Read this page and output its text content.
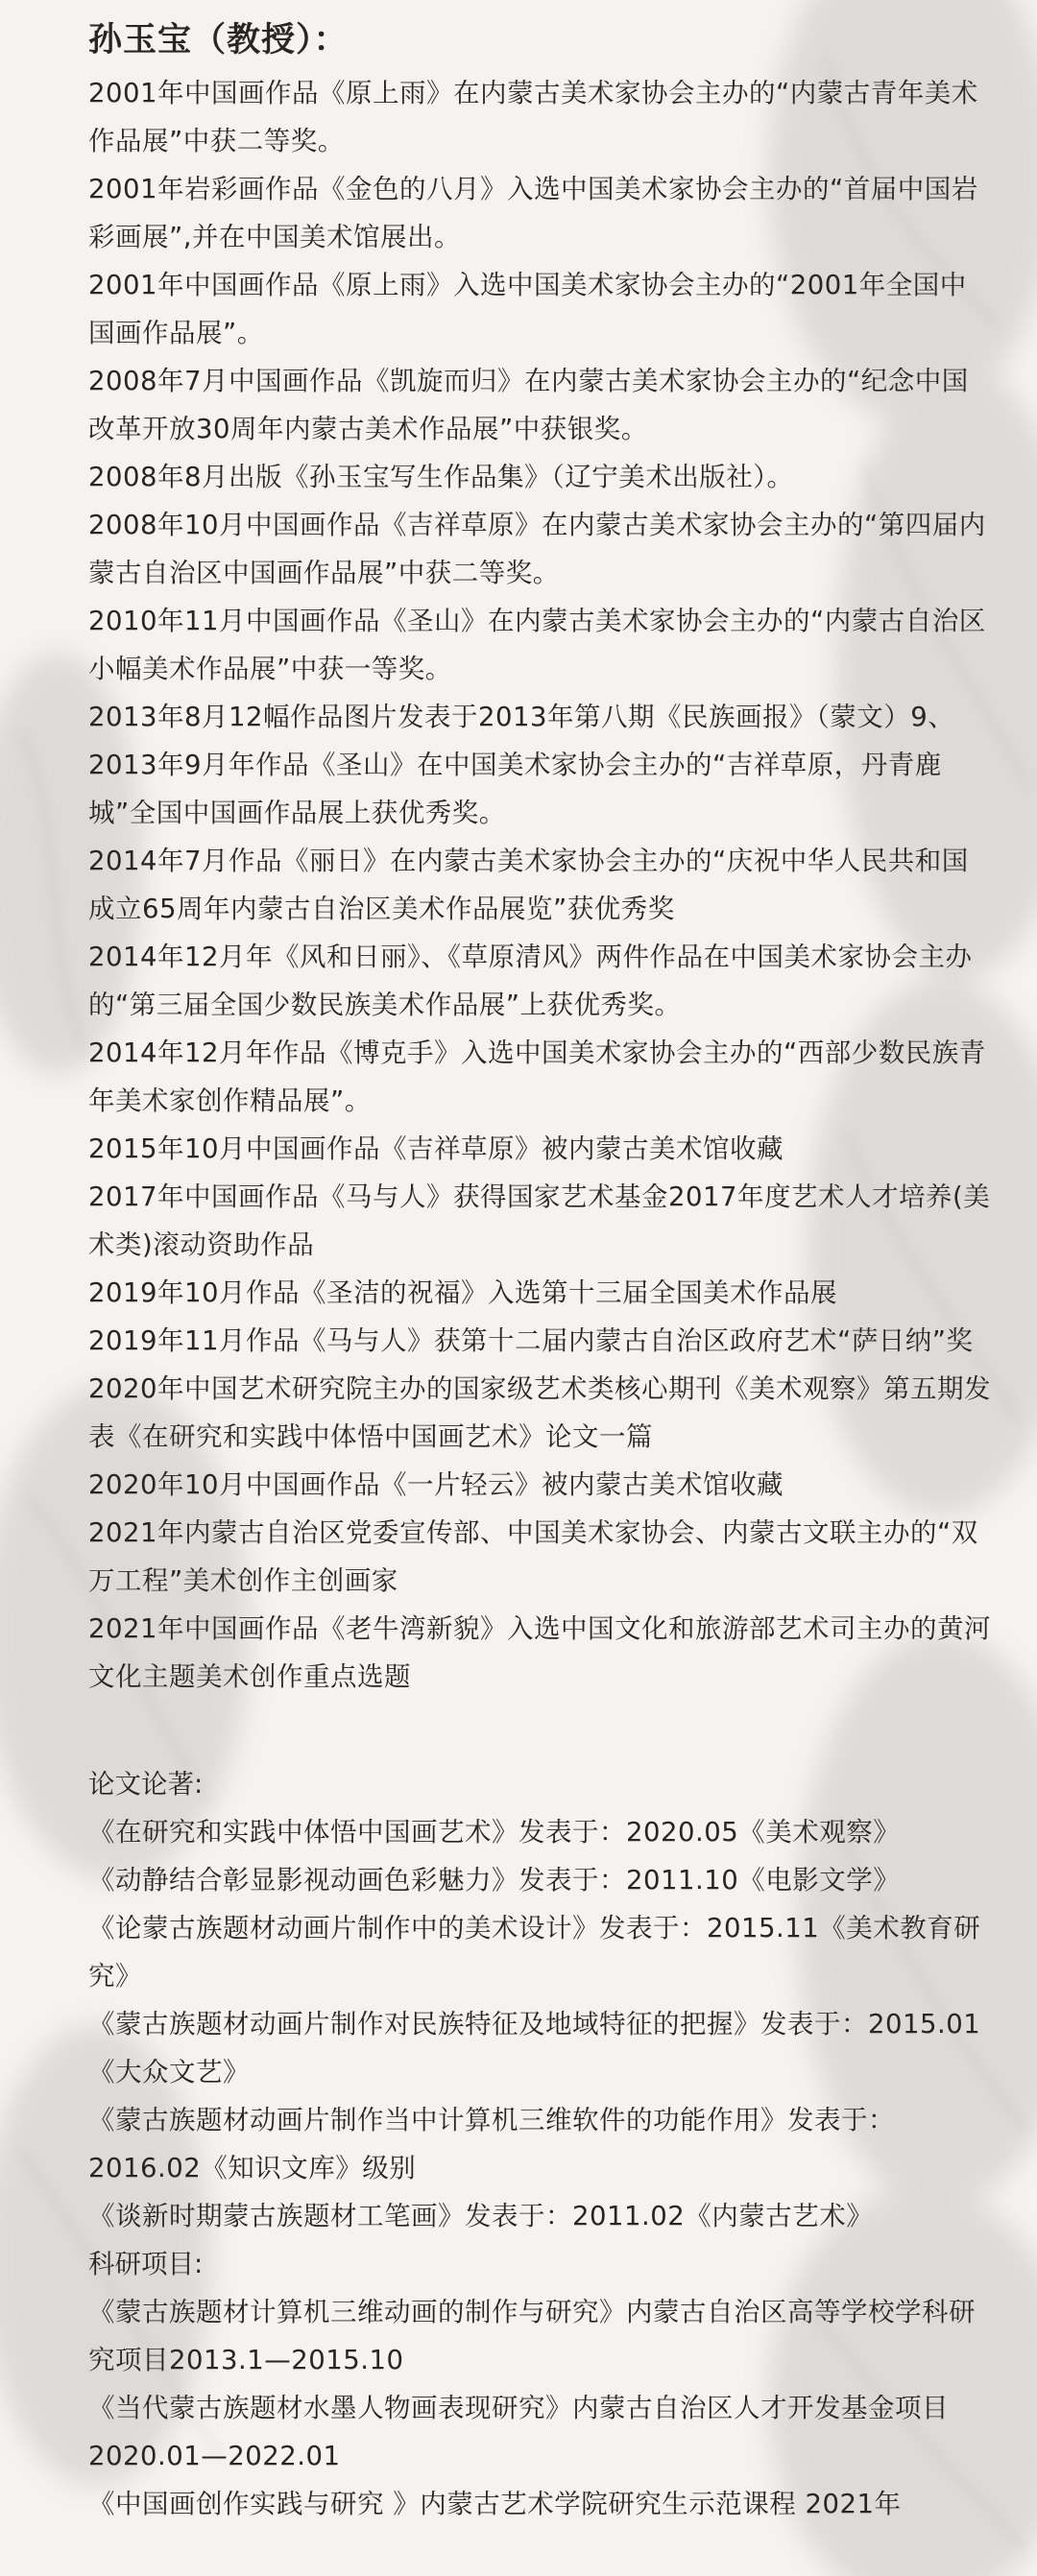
孙玉宝（教授）：

2001年中国画作品《原上雨》在内蒙古美术家协会主办的“内蒙古青年美术作品展”中获二等奖。

2001年岩彩画作品《金色的八月》入选中国美术家协会主办的“首届中国岩彩画展”,并在中国美术馆展出。

2001年中国画作品《原上雨》入选中国美术家协会主办的“2001年全国中国画作品展”。

2008年7月中国画作品《凯旋而归》在内蒙古美术家协会主办的“纪念中国改革开放30周年内蒙古美术作品展”中获银奖。

2008年8月出版《孙玉宝写生作品集》（辽宁美术出版社）。

2008年10月中国画作品《吉祥草原》在内蒙古美术家协会主办的“第四届内蒙古自治区中国画作品展”中获二等奖。

2010年11月中国画作品《圣山》在内蒙古美术家协会主办的“内蒙古自治区小幅美术作品展”中获一等奖。

2013年8月12幅作品图片发表于2013年第八期《民族画报》（蒙文）9、2013年9月年作品《圣山》在中国美术家协会主办的“吉祥草原，丹青鹿城”全国中国画作品展上获优秀奖。

2014年7月作品《丽日》在内蒙古美术家协会主办的“庆祝中华人民共和国成立65周年内蒙古自治区美术作品展览”获优秀奖

2014年12月年《风和日丽》、《草原清风》两件作品在中国美术家协会主办的“第三届全国少数民族美术作品展”上获优秀奖。

2014年12月年作品《博克手》入选中国美术家协会主办的“西部少数民族青年美术家创作精品展”。

2015年10月中国画作品《吉祥草原》被内蒙古美术馆收藏

2017年中国画作品《马与人》获得国家艺术基金2017年度艺术人才培养(美术类)滚动资助作品

2019年10月作品《圣洁的祝福》入选第十三届全国美术作品展

2019年11月作品《马与人》获第十二届内蒙古自治区政府艺术“萨日纳”奖

2020年中国艺术研究院主办的国家级艺术类核心期刊《美术观察》第五期发表《在研究和实践中体悟中国画艺术》论文一篇

2020年10月中国画作品《一片轻云》被内蒙古美术馆收藏

2021年内蒙古自治区党委宣传部、中国美术家协会、内蒙古文联主办的“双万工程”美术创作主创画家

2021年中国画作品《老牛湾新貌》入选中国文化和旅游部艺术司主办的黄河文化主题美术创作重点选题

论文论著:

《在研究和实践中体悟中国画艺术》发表于：2020.05《美术观察》

《动静结合彰显影视动画色彩魅力》发表于：2011.10《电影文学》

《论蒙古族题材动画片制作中的美术设计》发表于：2015.11《美术教育研究》

《蒙古族题材动画片制作对民族特征及地域特征的把握》发表于：2015.01《大众文艺》

《蒙古族题材动画片制作当中计算机三维软件的功能作用》发表于：2016.02《知识文库》级别

《谈新时期蒙古族题材工笔画》发表于：2011.02《内蒙古艺术》

科研项目:

《蒙古族题材计算机三维动画的制作与研究》内蒙古自治区高等学校学科研究项目2013.1—2015.10

《当代蒙古族题材水墨人物画表现研究》内蒙古自治区人才开发基金项目2020.01—2022.01

《中国画创作实践与研究 》内蒙古艺术学院研究生示范课程 2021年
